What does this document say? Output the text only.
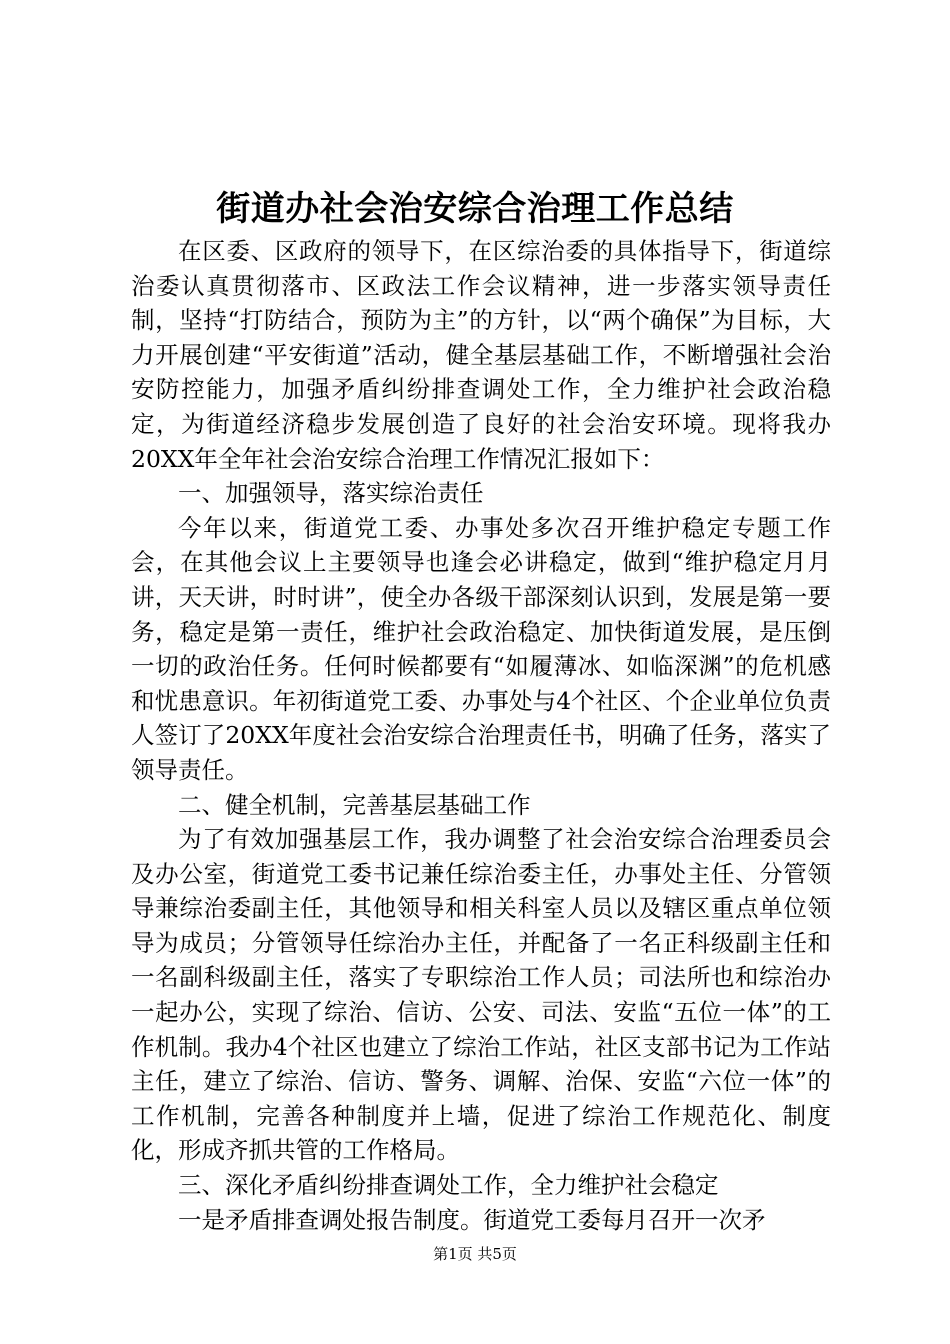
街道办社会治安综合治理工作总结

在区委、区政府的领导下，在区综治委的具体指导下，街道综治委认真贯彻落市、区政法工作会议精神，进一步落实领导责任制，坚持“打防结合，预防为主”的方针，以“两个确保”为目标，大力开展创建“平安街道”活动，健全基层基础工作，不断增强社会治安防控能力，加强矛盾纠纷排查调处工作，全力维护社会政治稳定，为街道经济稳步发展创造了良好的社会治安环境。现将我办20XX年全年社会治安综合治理工作情况汇报如下：

一、加强领导，落实综治责任

今年以来，街道党工委、办事处多次召开维护稳定专题工作会，在其他会议上主要领导也逢会必讲稳定，做到“维护稳定月月讲，天天讲，时时讲”，使全办各级干部深刻认识到，发展是第一要务，稳定是第一责任，维护社会政治稳定、加快街道发展，是压倒一切的政治任务。任何时候都要有“如履薄冰、如临深渊”的危机感和忧患意识。年初街道党工委、办事处与4个社区、个企业单位负责人签订了20XX年度社会治安综合治理责任书，明确了任务，落实了领导责任。

二、健全机制，完善基层基础工作

为了有效加强基层工作，我办调整了社会治安综合治理委员会及办公室，街道党工委书记兼任综治委主任，办事处主任、分管领导兼综治委副主任，其他领导和相关科室人员以及辖区重点单位领导为成员；分管领导任综治办主任，并配备了一名正科级副主任和一名副科级副主任，落实了专职综治工作人员；司法所也和综治办一起办公，实现了综治、信访、公安、司法、安监“五位一体”的工作机制。我办4个社区也建立了综治工作站，社区支部书记为工作站主任，建立了综治、信访、警务、调解、治保、安监“六位一体”的工作机制，完善各种制度并上墙，促进了综治工作规范化、制度化，形成齐抓共管的工作格局。

三、深化矛盾纠纷排查调处工作，全力维护社会稳定

一是矛盾排查调处报告制度。街道党工委每月召开一次矛

第1页 共5页
